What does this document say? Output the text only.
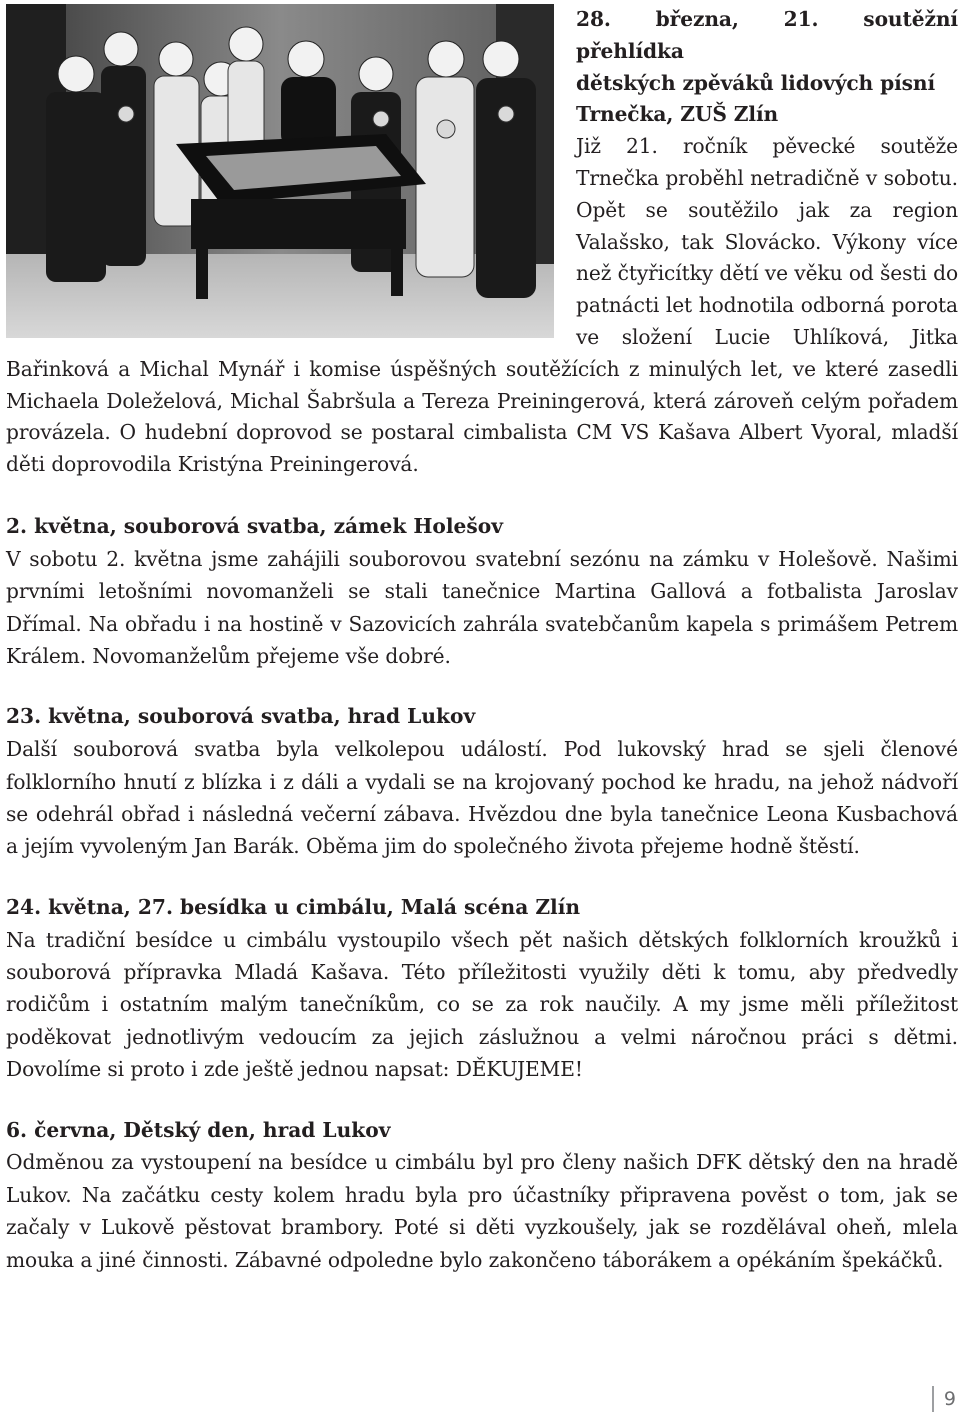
28. března, 21. soutěžní přehlídka
dětských zpěváků lidových písní
Trnečka, ZUŠ Zlín
Již 21. ročník pěvecké soutěže Trnečka proběhl netradičně v sobotu. Opět se soutěžilo jak za region Valašsko, tak Slovácko. Výkony více než čtyřicítky dětí ve věku od šesti do patnácti let hodnotila odborná porota ve složení Lucie Uhlíková, Jitka Bařinková a Michal Mynář i komise úspěšných soutěžících z minulých let, ve které zasedli Michaela Doleželová, Michal Šabršula a Tereza Preiningerová, která zároveň celým pořadem provázela. O hudební doprovod se postaral cimbalista CM VS Kašava Albert Vyoral, mladší děti doprovodila Kristýna Preiningerová.

2. května, souborová svatba, zámek Holešov

V sobotu 2. května jsme zahájili souborovou svatební sezónu na zámku v Holešově. Našimi prvními letošními novomanželi se stali tanečnice Martina Gallová a fotbalista Jaroslav Dřímal. Na obřadu i na hostině v Sazovicích zahrála svatebčanům kapela s primášem Petrem Králem. Novomanželům přejeme vše dobré.

23. května, souborová svatba, hrad Lukov

Další souborová svatba byla velkolepou událostí. Pod lukovský hrad se sjeli členové folklorního hnutí z blízka i z dáli a vydali se na krojovaný pochod ke hradu, na jehož nádvoří se odehrál obřad i následná večerní zábava. Hvězdou dne byla tanečnice Leona Kusbachová a jejím vyvoleným Jan Barák. Oběma jim do společného života přejeme hodně štěstí.

24. května, 27. besídka u cimbálu, Malá scéna Zlín

Na tradiční besídce u cimbálu vystoupilo všech pět našich dětských folklorních kroužků i souborová přípravka Mladá Kašava. Této příležitosti využily děti k tomu, aby předvedly rodičům i ostatním malým tanečníkům, co se za rok naučily. A my jsme měli příležitost poděkovat jednotlivým vedoucím za jejich záslužnou a velmi náročnou práci s dětmi. Dovolíme si proto i zde ještě jednou napsat: DĚKUJEME!

6. června, Dětský den, hrad Lukov

Odměnou za vystoupení na besídce u cimbálu byl pro členy našich DFK dětský den na hradě Lukov. Na začátku cesty kolem hradu byla pro účastníky připravena pověst o tom, jak se začaly v Lukově pěstovat brambory. Poté si děti vyzkoušely, jak se rozdělával oheň, mlela mouka a jiné činnosti. Zábavné odpoledne bylo zakončeno táborákem a opékáním špekáčků.

9
